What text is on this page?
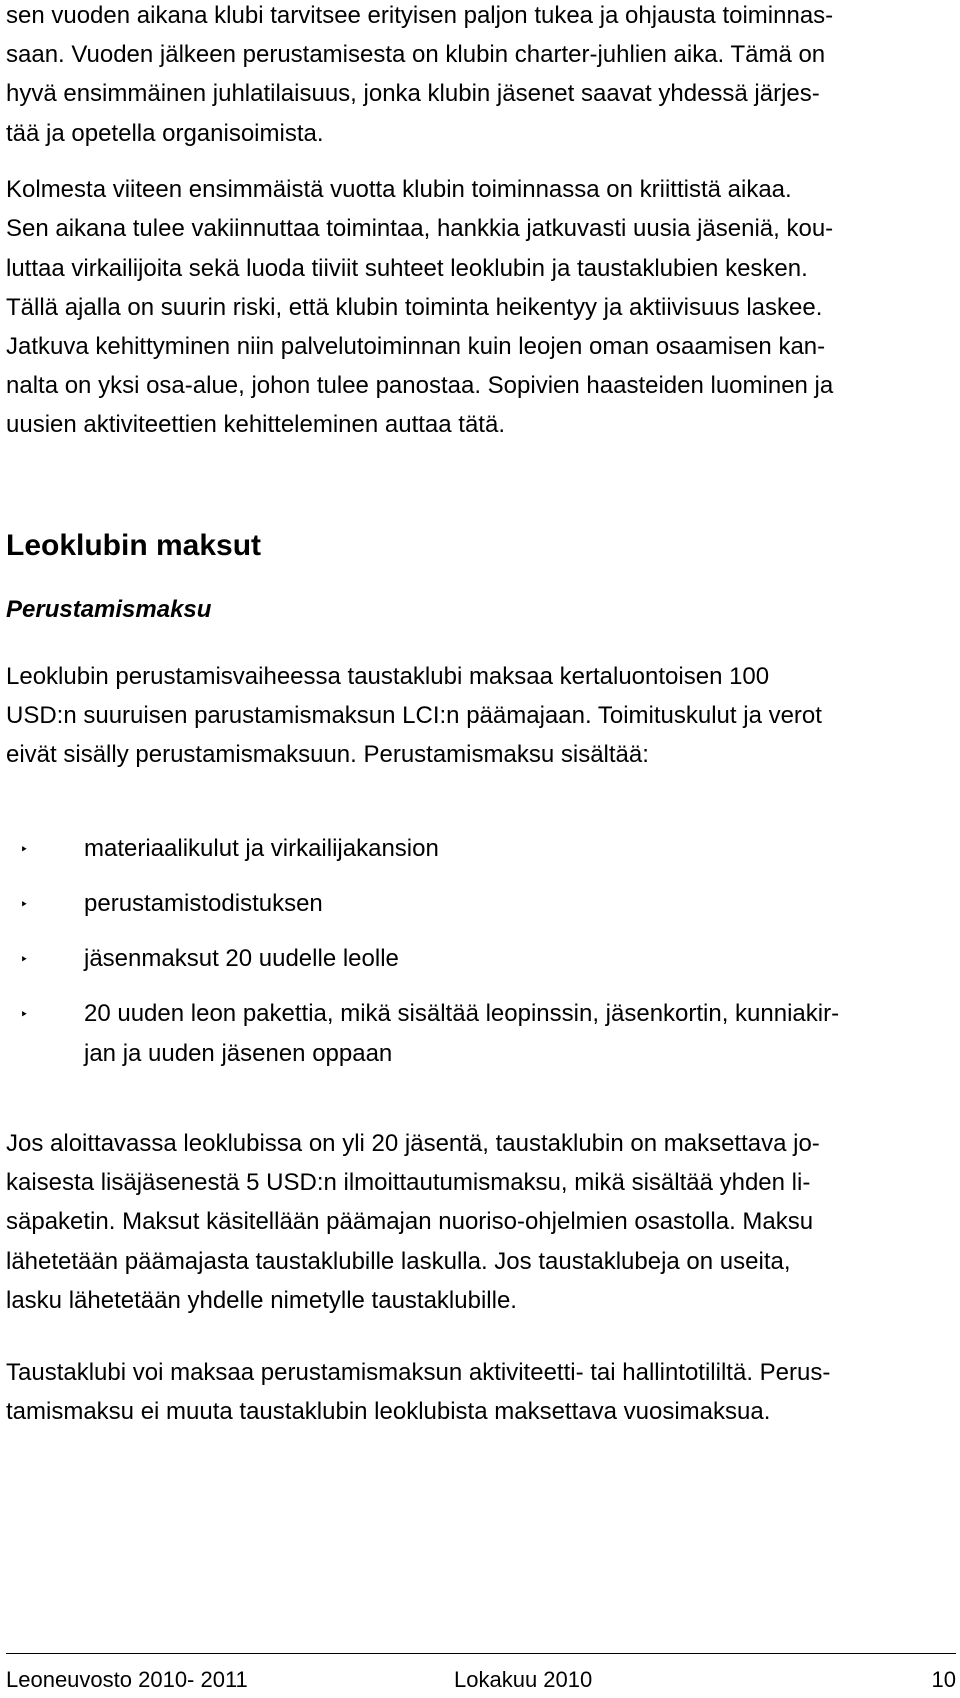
sen vuoden aikana klubi tarvitsee erityisen paljon tukea ja ohjausta toiminnas-
saan. Vuoden jälkeen perustamisesta on klubin charter-juhlien aika. Tämä on
hyvä ensimmäinen juhlatilaisuus, jonka klubin jäsenet saavat yhdessä järjes-
tää ja opetella organisoimista.
Kolmesta viiteen ensimmäistä vuotta klubin toiminnassa on kriittistä aikaa.
Sen aikana tulee vakiinnuttaa toimintaa, hankkia jatkuvasti uusia jäseniä, kou-
luttaa virkailijoita sekä luoda tiiviit suhteet leoklubin ja taustaklubien kesken.
Tällä ajalla on suurin riski, että klubin toiminta heikentyy ja aktiivisuus laskee.
Jatkuva kehittyminen niin palvelutoiminnan kuin leojen oman osaamisen kan-
nalta on yksi osa-alue, johon tulee panostaa. Sopivien haasteiden luominen ja
uusien aktiviteettien kehitteleminen auttaa tätä.
Leoklubin maksut
Perustamismaksu
Leoklubin perustamisvaiheessa taustaklubi maksaa kertaluontoisen 100
USD:n suuruisen parustamismaksun LCI:n päämajaan. Toimituskulut ja verot
eivät sisälly perustamismaksuun. Perustamismaksu sisältää:
‣ materiaalikulut ja virkailijakansion
‣ perustamistodistuksen
‣ jäsenmaksut 20 uudelle leolle
‣ 20 uuden leon pakettia, mikä sisältää leopinssin, jäsenkortin, kunniakir-
jan ja uuden jäsenen oppaan
Jos aloittavassa leoklubissa on yli 20 jäsentä, taustaklubin on maksettava jo-
kaisesta lisäjäsenestä 5 USD:n ilmoittautumismaksu, mikä sisältää yhden li-
säpaketin. Maksut käsitellään päämajan nuoriso-ohjelmien osastolla. Maksu
lähetetään päämajasta taustaklubille laskulla. Jos taustaklubeja on useita,
lasku lähetetään yhdelle nimetylle taustaklubille.
Taustaklubi voi maksaa perustamismaksun aktiviteetti- tai hallintotililtä. Perus-
tamismaksu ei muuta taustaklubin leoklubista maksettava vuosimaksua.
Leoneuvosto 2010- 2011	Lokakuu 2010	10
